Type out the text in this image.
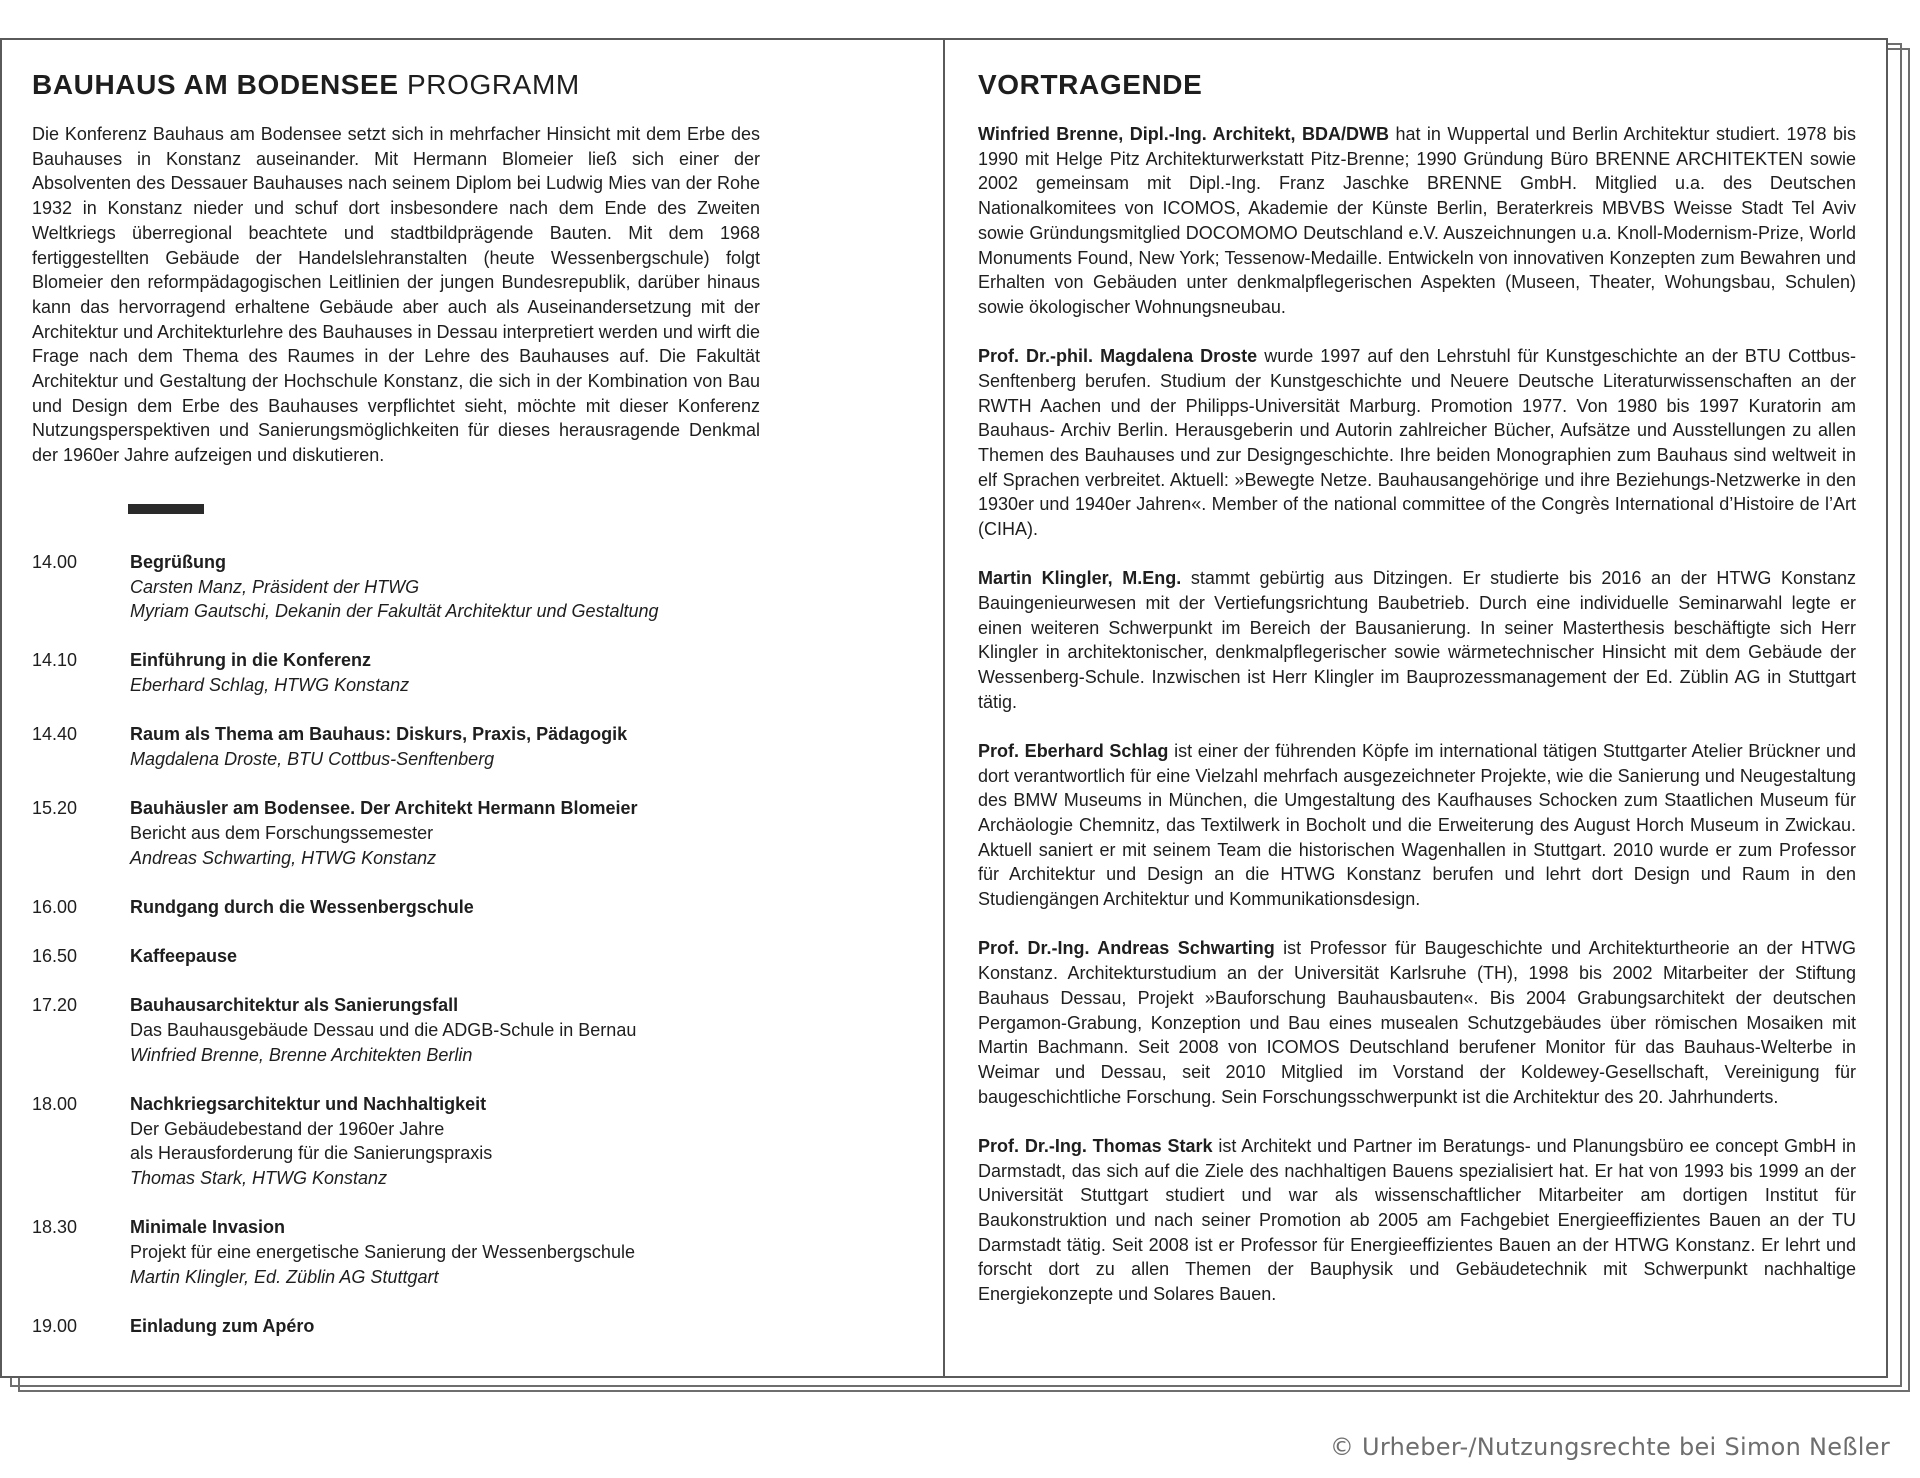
BAUHAUS AM BODENSEE PROGRAMM

Die Konferenz Bauhaus am Bodensee setzt sich in mehrfacher Hinsicht mit dem Erbe des Bauhauses in Konstanz auseinander. Mit Hermann Blomeier ließ sich einer der Absolventen des Dessauer Bauhauses nach seinem Diplom bei Ludwig Mies van der Rohe 1932 in Konstanz nieder und schuf dort insbesondere nach dem Ende des Zweiten Weltkriegs überregional beachtete und stadtbildprägende Bauten. Mit dem 1968 fertiggestellten Gebäude der Handelslehranstalten (heute Wessenbergschule) folgt Blomeier den reformpädagogischen Leitlinien der jungen Bundesrepublik, darüber hinaus kann das hervorragend erhaltene Gebäude aber auch als Auseinandersetzung mit der Architektur und Architekturlehre des Bauhauses in Dessau interpretiert werden und wirft die Frage nach dem Thema des Raumes in der Lehre des Bauhauses auf. Die Fakultät Architektur und Gestaltung der Hochschule Konstanz, die sich in der Kombination von Bau und Design dem Erbe des Bauhauses verpflichtet sieht, möchte mit dieser Konferenz Nutzungsperspektiven und Sanierungsmöglichkeiten für dieses herausragende Denkmal der 1960er Jahre aufzeigen und diskutieren.

14.00	Begrüßung
Carsten Manz, Präsident der HTWG
Myriam Gautschi, Dekanin der Fakultät Architektur und Gestaltung
14.10	Einführung in die Konferenz
Eberhard Schlag, HTWG Konstanz
14.40	Raum als Thema am Bauhaus: Diskurs, Praxis, Pädagogik
Magdalena Droste, BTU Cottbus-Senftenberg
15.20	Bauhäusler am Bodensee. Der Architekt Hermann Blomeier
Bericht aus dem Forschungssemester
Andreas Schwarting, HTWG Konstanz
16.00	Rundgang durch die Wessenbergschule
16.50	Kaffeepause
17.20	Bauhausarchitektur als Sanierungsfall
Das Bauhausgebäude Dessau und die ADGB-Schule in Bernau
Winfried Brenne, Brenne Architekten Berlin
18.00	Nachkriegsarchitektur und Nachhaltigkeit
Der Gebäudebestand der 1960er Jahre
als Herausforderung für die Sanierungspraxis
Thomas Stark, HTWG Konstanz
18.30	Minimale Invasion
Projekt für eine energetische Sanierung der Wessenbergschule
Martin Klingler, Ed. Züblin AG Stuttgart
19.00	Einladung zum Apéro
VORTRAGENDE

Winfried Brenne, Dipl.-Ing. Architekt, BDA/DWB hat in Wuppertal und Berlin Architektur studiert. 1978 bis 1990 mit Helge Pitz Architekturwerkstatt Pitz-Brenne; 1990 Gründung Büro BRENNE ARCHITEKTEN sowie 2002 gemeinsam mit Dipl.-Ing. Franz Jaschke BRENNE GmbH. Mitglied u.a. des Deutschen Nationalkomitees von ICOMOS, Akademie der Künste Berlin, Beraterkreis MBVBS Weisse Stadt Tel Aviv sowie Gründungsmitglied DOCOMOMO Deutschland e.V. Auszeichnungen u.a. Knoll-Modernism-Prize, World Monuments Found, New York; Tessenow-Medaille. Entwickeln von innovativen Konzepten zum Bewahren und Erhalten von Gebäuden unter denkmalpflegerischen Aspekten (Museen, Theater, Wohungsbau, Schulen) sowie ökologischer Wohnungsneubau.

Prof. Dr.-phil. Magdalena Droste wurde 1997 auf den Lehrstuhl für Kunstgeschichte an der BTU Cottbus-Senftenberg berufen. Studium der Kunstgeschichte und Neuere Deutsche Literaturwissenschaften an der RWTH Aachen und der Philipps-Universität Marburg. Promotion 1977. Von 1980 bis 1997 Kuratorin am Bauhaus- Archiv Berlin. Herausgeberin und Autorin zahlreicher Bücher, Aufsätze und Ausstellungen zu allen Themen des Bauhauses und zur Designgeschichte. Ihre beiden Monographien zum Bauhaus sind weltweit in elf Sprachen verbreitet. Aktuell: »Bewegte Netze. Bauhausangehörige und ihre Beziehungs-Netzwerke in den 1930er und 1940er Jahren«. Member of the national committee of the Congrès International d’Histoire de l’Art (CIHA).

Martin Klingler, M.Eng. stammt gebürtig aus Ditzingen. Er studierte bis 2016 an der HTWG Konstanz Bauingenieurwesen mit der Vertiefungsrichtung Baubetrieb. Durch eine individuelle Seminarwahl legte er einen weiteren Schwerpunkt im Bereich der Bausanierung. In seiner Masterthesis beschäftigte sich Herr Klingler in architektonischer, denkmalpflegerischer sowie wärmetechnischer Hinsicht mit dem Gebäude der Wessenberg-Schule. Inzwischen ist Herr Klingler im Bauprozessmanagement der Ed. Züblin AG in Stuttgart tätig.

Prof. Eberhard Schlag ist einer der führenden Köpfe im international tätigen Stuttgarter Atelier Brückner und dort verantwortlich für eine Vielzahl mehrfach ausgezeichneter Projekte, wie die Sanierung und Neugestaltung des BMW Museums in München, die Umgestaltung des Kaufhauses Schocken zum Staatlichen Museum für Archäologie Chemnitz, das Textilwerk in Bocholt und die Erweiterung des August Horch Museum in Zwickau. Aktuell saniert er mit seinem Team die historischen Wagenhallen in Stuttgart. 2010 wurde er zum Professor für Architektur und Design an die HTWG Konstanz berufen und lehrt dort Design und Raum in den Studiengängen Architektur und Kommunikationsdesign.

Prof. Dr.-Ing. Andreas Schwarting ist Professor für Baugeschichte und Architekturtheorie an der HTWG Konstanz. Architekturstudium an der Universität Karlsruhe (TH), 1998 bis 2002 Mitarbeiter der Stiftung Bauhaus Dessau, Projekt »Bauforschung Bauhausbauten«. Bis 2004 Grabungsarchitekt der deutschen Pergamon-Grabung, Konzeption und Bau eines musealen Schutzgebäudes über römischen Mosaiken mit Martin Bachmann. Seit 2008 von ICOMOS Deutschland berufener Monitor für das Bauhaus-Welterbe in Weimar und Dessau, seit 2010 Mitglied im Vorstand der Koldewey-Gesellschaft, Vereinigung für baugeschichtliche Forschung. Sein Forschungsschwerpunkt ist die Architektur des 20. Jahrhunderts.

Prof. Dr.-Ing. Thomas Stark ist Architekt und Partner im Beratungs- und Planungsbüro ee concept GmbH in Darmstadt, das sich auf die Ziele des nachhaltigen Bauens spezialisiert hat. Er hat von 1993 bis 1999 an der Universität Stuttgart studiert und war als wissenschaftlicher Mitarbeiter am dortigen Institut für Baukonstruktion und nach seiner Promotion ab 2005 am Fachgebiet Energieeffizientes Bauen an der TU Darmstadt tätig. Seit 2008 ist er Professor für Energieeffizientes Bauen an der HTWG Konstanz. Er lehrt und forscht dort zu allen Themen der Bauphysik und Gebäudetechnik mit Schwerpunkt nachhaltige Energiekonzepte und Solares Bauen.

© Urheber-/Nutzungsrechte bei Simon Neßler
